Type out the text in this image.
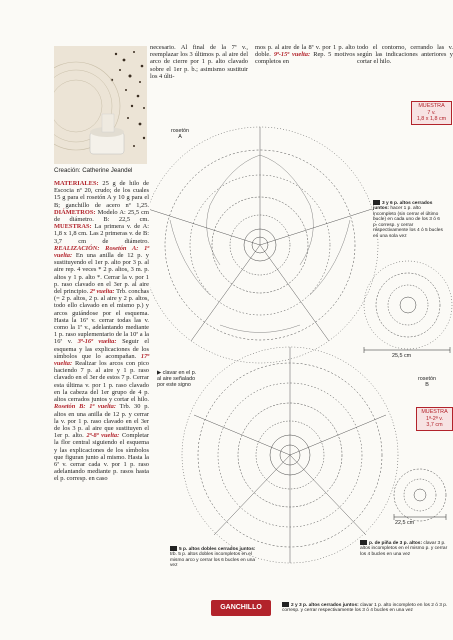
Creación: Catherine Jeandel

necesario. Al final de la 7ª v., reemplazar los 3 últimos p. al aire del arco de cierre por 1 p. alto clavado sobre el 1er p. b.; asimismo sustituir los 4 últi-

mos p. al aire de la 8ª v. por 1 p. alto doble. 9ª-15ª vuelta: Rep. 5 motivos completos en

todo el contorno, cerrando las v. según las indicaciones anteriores y cortar el hilo.

MUESTRA
7 v.
1,8 x 1,8 cm

MATERIALES: 25 g de hilo de Escocia nº 20, crudo; de los cuales 15 g para el rosetón A y 10 g para el B; ganchillo de acero nº 1,25. DIÁMETROS: Modelo A: 25,5 cm de diámetro. B: 22,5 cm. MUESTRAS: La primera v. de A: 1,8 x 1,8 cm. Las 2 primeras v. de B: 3,7 cm de diámetro. REALIZACIÓN: Rosetón A: 1ª vuelta: En una anilla de 12 p. y sustituyendo el 1er p. alto por 3 p. al aire rep. 4 veces * 2 p. altos, 3 m. p. altos y 1 p. alto *. Cerrar la v. por 1 p. raso clavado en el 3er p. al aire del principio. 2ª vuelta: Trb. conchas (= 2 p. altos, 2 p. al aire y 2 p. altos, todo ello clavado en el mismo p.) y arcos guiándose por el esquema. Hasta la 16ª v. cerrar todas las v. como la 1ª v., adelantando mediante 1 p. raso suplementario de la 10ª a la 16ª v. 3ª-16ª vuelta: Seguir el esquema y las explicaciones de los símbolos que lo acompañan. 17ª vuelta: Realizar los arcos con pico haciendo 7 p. al aire y 1 p. raso clavado en el 3er de estos 7 p. Cerrar esta última v. por 1 p. raso clavado en la cabeza del 1er grupo de 4 p. altos cerrados juntos y cortar el hilo. Rosetón B: 1ª vuelta: Trb. 30 p. altos en una anilla de 12 p. y cerrar la v. por 1 p. raso clavado en el 3er de los 3 p. al aire que sustituyen el 1er p. alto. 2ª-8ª vuelta: Completar la flor central siguiendo el esquema y las explicaciones de los símbolos que figuran junto al mismo. Hasta la 6ª v. cerrar cada v. por 1 p. raso adelantando mediante p. rasos hasta el p. corresp. en caso

rosetón
A
rosetón
B
25,5 cm
22,5 cm
▶ clavar en el p. al aire señalado por este signo
MUESTRA
1ª-2ª v.
3,7 cm
3 y 6 p. altos cerrados juntos: hacer 1 p. alto incompleto (sin cerrar el último bucle) en cada uno de los 3 ó 6 p. corresp. y cerrar respectivamente los 4 ó 5 bucles en una sola vez
5 p. altos dobles cerrados juntos: trb. 5 p. altos dobles incompletos en el mismo arco y cerrar los 6 bucles en una vez
p. de piña de 3 p. altos: clavar 3 p. altos incompletos en el mismo p. y cerrar los 4 bucles en una vez
2 y 3 p. altos cerrados juntos: clavar 1 p. alto incompleto en los 2 ó 3 p. corresp. y cerrar respectivamente los 3 ó 4 bucles en una vez
GANCHILLO
